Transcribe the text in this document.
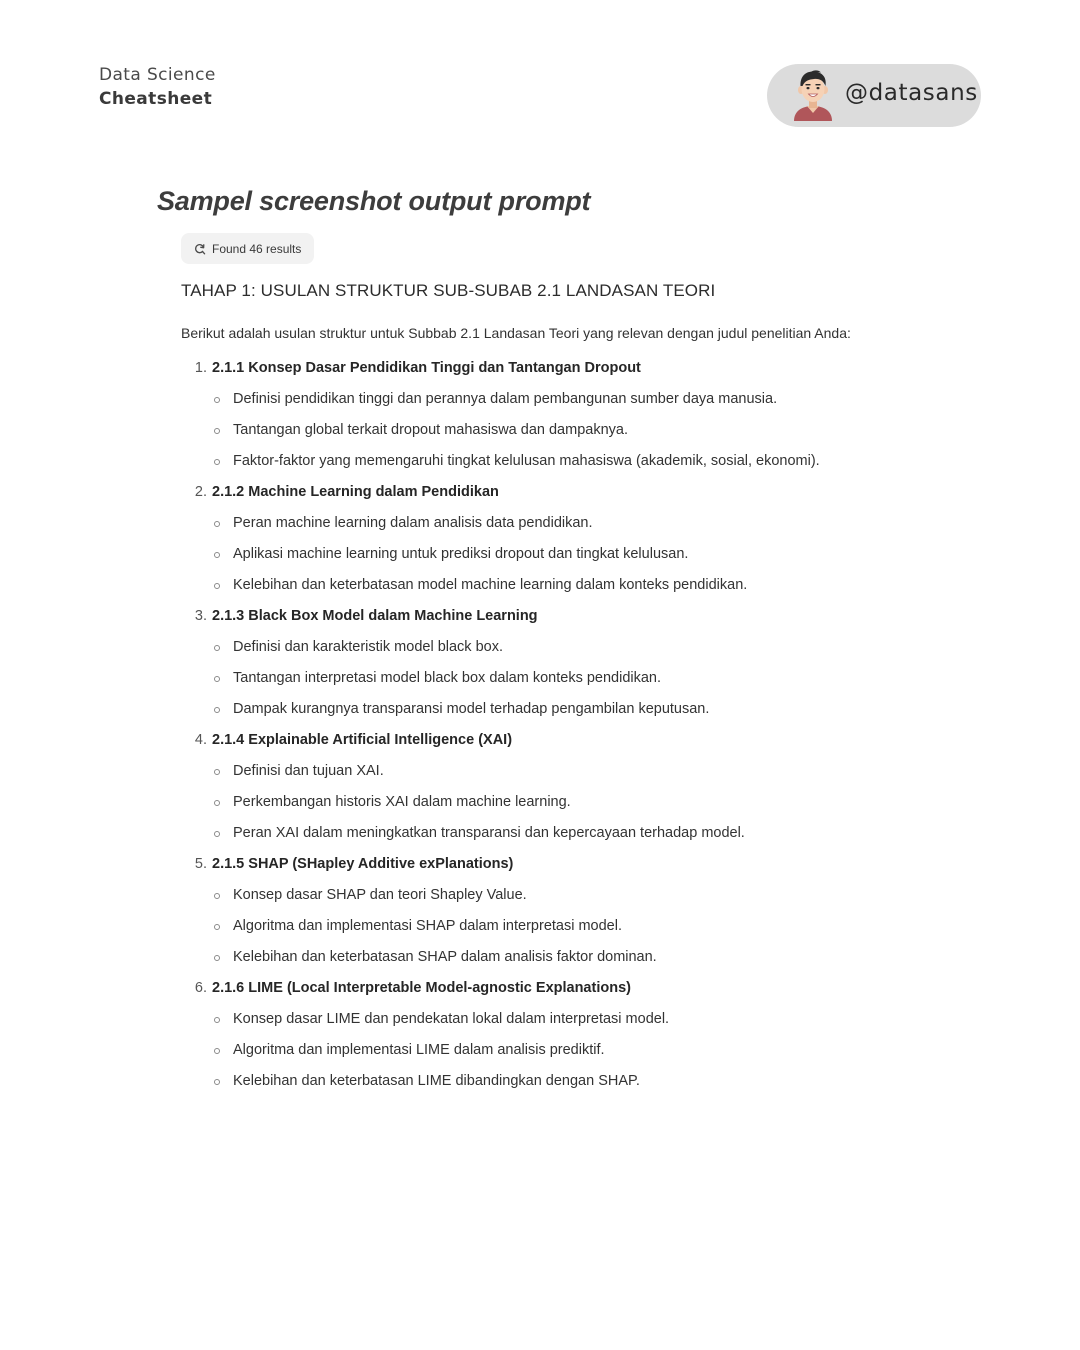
Data Science
Cheatsheet	@datasans
Sampel screenshot output prompt
Found 46 results
TAHAP 1: USULAN STRUKTUR SUB-SUBAB 2.1 LANDASAN TEORI
Berikut adalah usulan struktur untuk Subbab 2.1 Landasan Teori yang relevan dengan judul penelitian Anda:
1. 2.1.1 Konsep Dasar Pendidikan Tinggi dan Tantangan Dropout
Definisi pendidikan tinggi dan perannya dalam pembangunan sumber daya manusia.
Tantangan global terkait dropout mahasiswa dan dampaknya.
Faktor-faktor yang memengaruhi tingkat kelulusan mahasiswa (akademik, sosial, ekonomi).
2. 2.1.2 Machine Learning dalam Pendidikan
Peran machine learning dalam analisis data pendidikan.
Aplikasi machine learning untuk prediksi dropout dan tingkat kelulusan.
Kelebihan dan keterbatasan model machine learning dalam konteks pendidikan.
3. 2.1.3 Black Box Model dalam Machine Learning
Definisi dan karakteristik model black box.
Tantangan interpretasi model black box dalam konteks pendidikan.
Dampak kurangnya transparansi model terhadap pengambilan keputusan.
4. 2.1.4 Explainable Artificial Intelligence (XAI)
Definisi dan tujuan XAI.
Perkembangan historis XAI dalam machine learning.
Peran XAI dalam meningkatkan transparansi dan kepercayaan terhadap model.
5. 2.1.5 SHAP (SHapley Additive exPlanations)
Konsep dasar SHAP dan teori Shapley Value.
Algoritma dan implementasi SHAP dalam interpretasi model.
Kelebihan dan keterbatasan SHAP dalam analisis faktor dominan.
6. 2.1.6 LIME (Local Interpretable Model-agnostic Explanations)
Konsep dasar LIME dan pendekatan lokal dalam interpretasi model.
Algoritma dan implementasi LIME dalam analisis prediktif.
Kelebihan dan keterbatasan LIME dibandingkan dengan SHAP.
